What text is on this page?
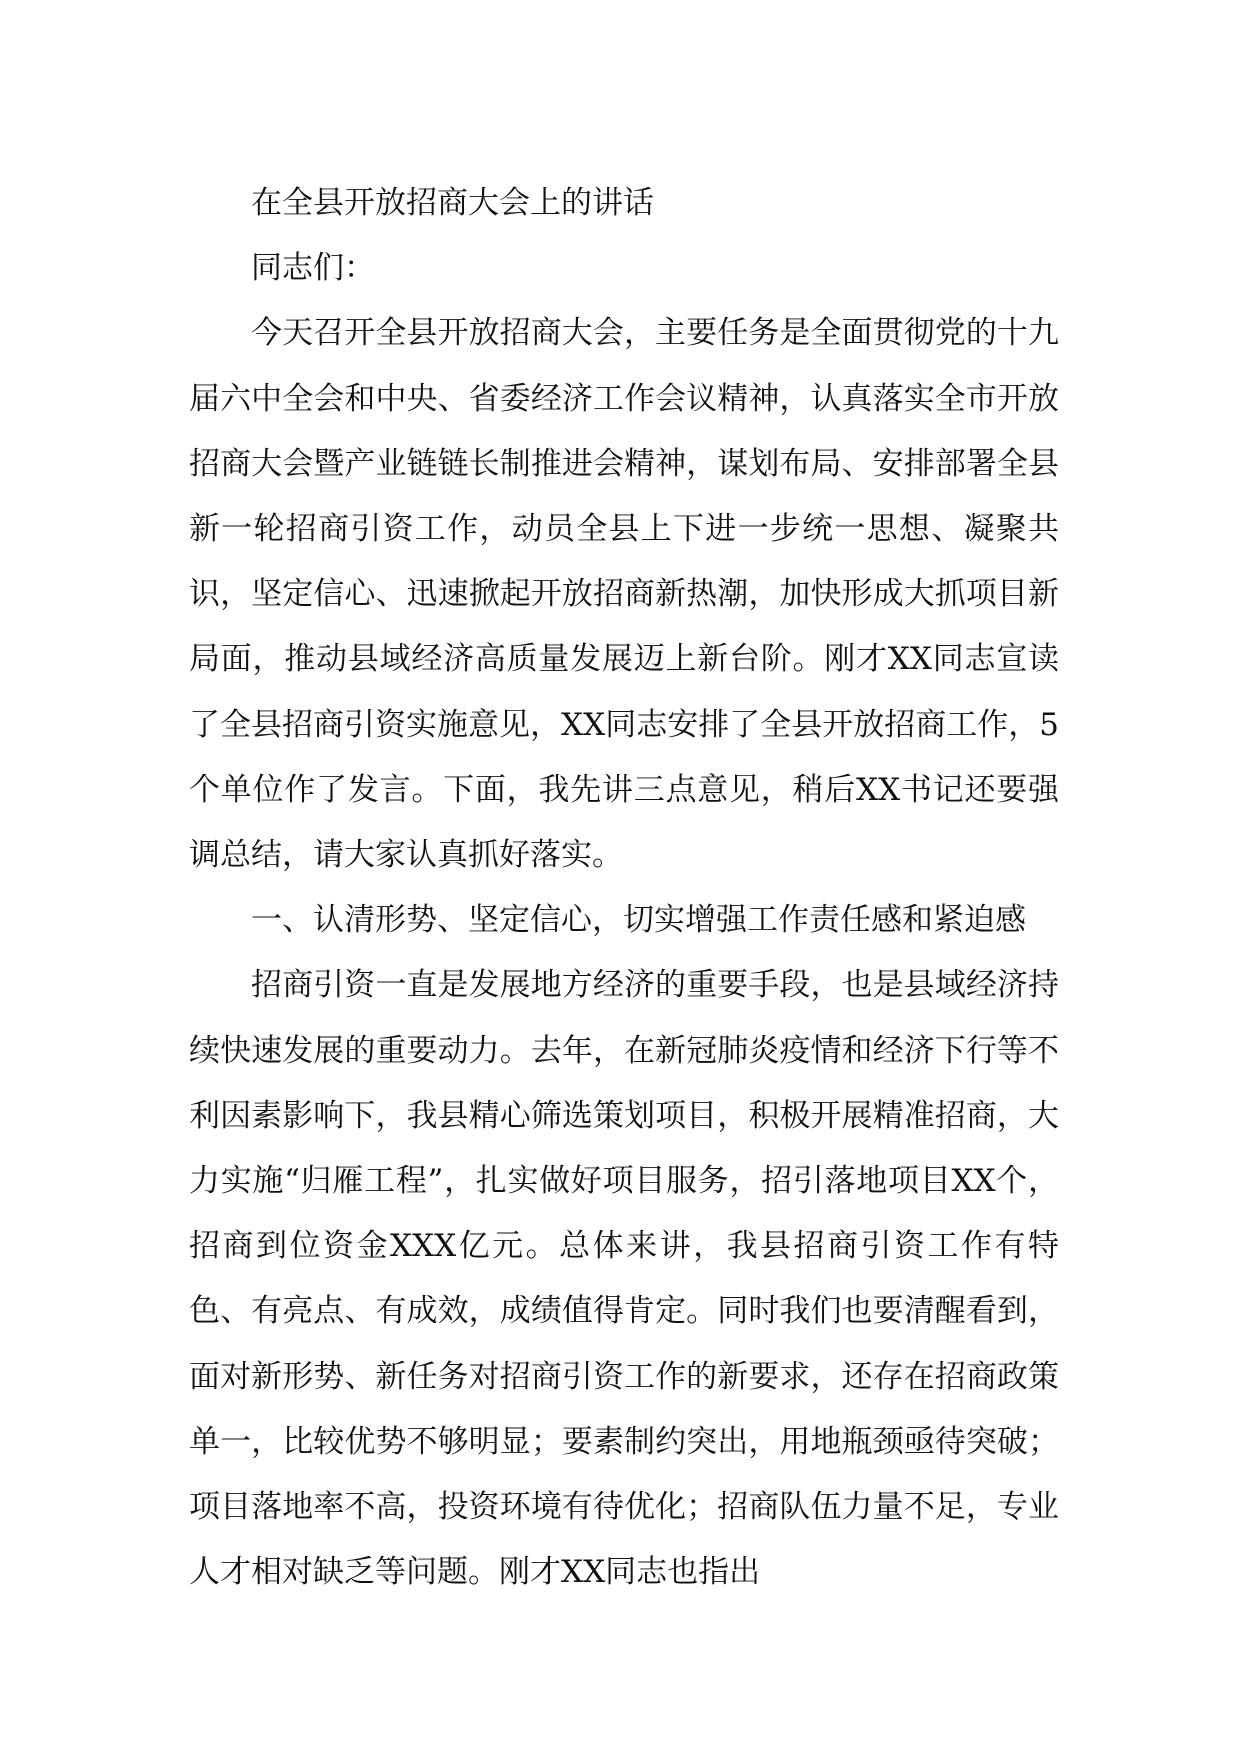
在全县开放招商大会上的讲话

同志们：

今天召开全县开放招商大会，主要任务是全面贯彻党的十九届六中全会和中央、省委经济工作会议精神，认真落实全市开放招商大会暨产业链链长制推进会精神，谋划布局、安排部署全县新一轮招商引资工作，动员全县上下进一步统一思想、凝聚共识，坚定信心、迅速掀起开放招商新热潮，加快形成大抓项目新局面，推动县域经济高质量发展迈上新台阶。刚才XX同志宣读了全县招商引资实施意见，XX同志安排了全县开放招商工作，5个单位作了发言。下面，我先讲三点意见，稍后XX书记还要强调总结，请大家认真抓好落实。

一、认清形势、坚定信心，切实增强工作责任感和紧迫感

招商引资一直是发展地方经济的重要手段，也是县域经济持续快速发展的重要动力。去年，在新冠肺炎疫情和经济下行等不利因素影响下，我县精心筛选策划项目，积极开展精准招商，大力实施“归雁工程”，扎实做好项目服务，招引落地项目XX个，招商到位资金XXX亿元。总体来讲，我县招商引资工作有特色、有亮点、有成效，成绩值得肯定。同时我们也要清醒看到，面对新形势、新任务对招商引资工作的新要求，还存在招商政策单一，比较优势不够明显；要素制约突出，用地瓶颈亟待突破；项目落地率不高，投资环境有待优化；招商队伍力量不足，专业人才相对缺乏等问题。刚才XX同志也指出
